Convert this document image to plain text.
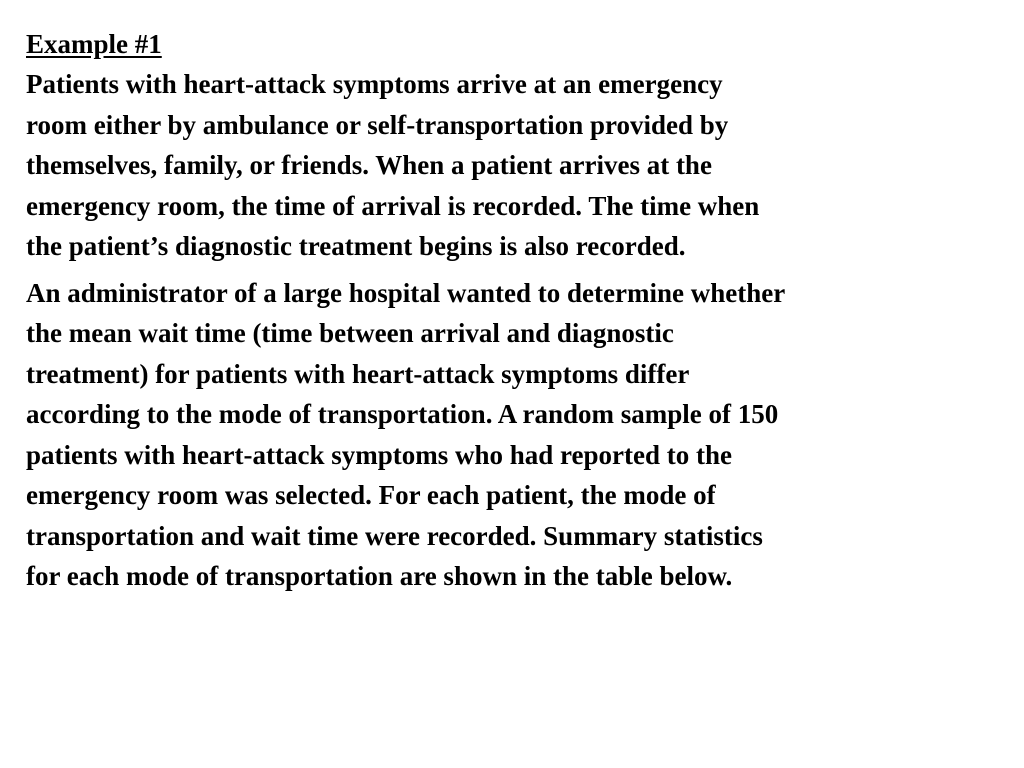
Example #1

Patients with heart-attack symptoms arrive at an emergency
room either by ambulance or self-transportation provided by
themselves, family, or friends. When a patient arrives at the
emergency room, the time of arrival is recorded. The time when
the patient’s diagnostic treatment begins is also recorded.

An administrator of a large hospital wanted to determine whether
the mean wait time (time between arrival and diagnostic
treatment) for patients with heart-attack symptoms differ
according to the mode of transportation. A random sample of 150
patients with heart-attack symptoms who had reported to the
emergency room was selected. For each patient, the mode of
transportation and wait time were recorded. Summary statistics
for each mode of transportation are shown in the table below.
